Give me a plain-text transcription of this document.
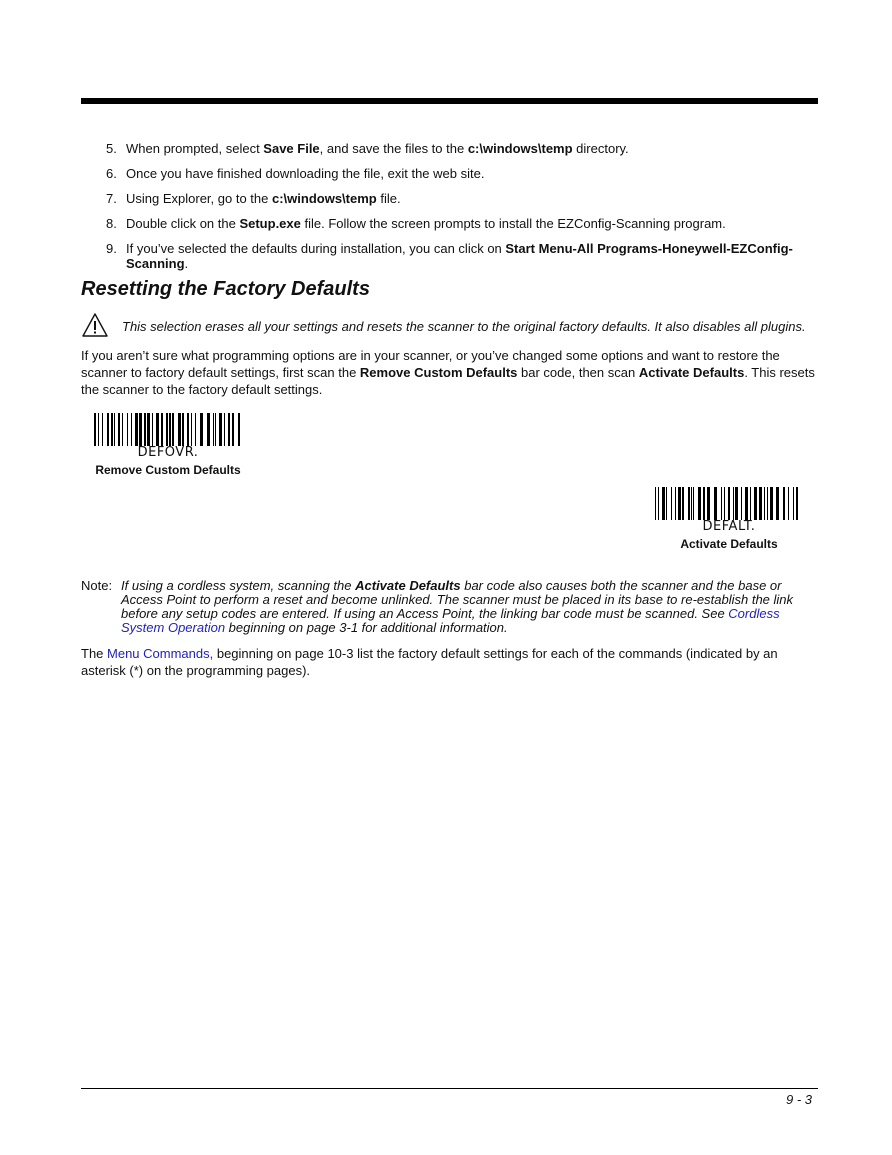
5. When prompted, select Save File, and save the files to the c:\windows\temp directory.
6. Once you have finished downloading the file, exit the web site.
7. Using Explorer, go to the c:\windows\temp file.
8. Double click on the Setup.exe file. Follow the screen prompts to install the EZConfig-Scanning program.
9. If you’ve selected the defaults during installation, you can click on Start Menu-All Programs-Honeywell-EZConfig-Scanning.
Resetting the Factory Defaults
This selection erases all your settings and resets the scanner to the original factory defaults. It also disables all plugins.
If you aren’t sure what programming options are in your scanner, or you’ve changed some options and want to restore the scanner to factory default settings, first scan the Remove Custom Defaults bar code, then scan Activate Defaults. This resets the scanner to the factory default settings.
DEFOVR.
Remove Custom Defaults
DEFALT.
Activate Defaults
Note: If using a cordless system, scanning the Activate Defaults bar code also causes both the scanner and the base or Access Point to perform a reset and become unlinked. The scanner must be placed in its base to re-establish the link before any setup codes are entered. If using an Access Point, the linking bar code must be scanned. See Cordless System Operation beginning on page 3-1 for additional information.
The Menu Commands, beginning on page 10-3 list the factory default settings for each of the commands (indicated by an asterisk (*) on the programming pages).
9 - 3
